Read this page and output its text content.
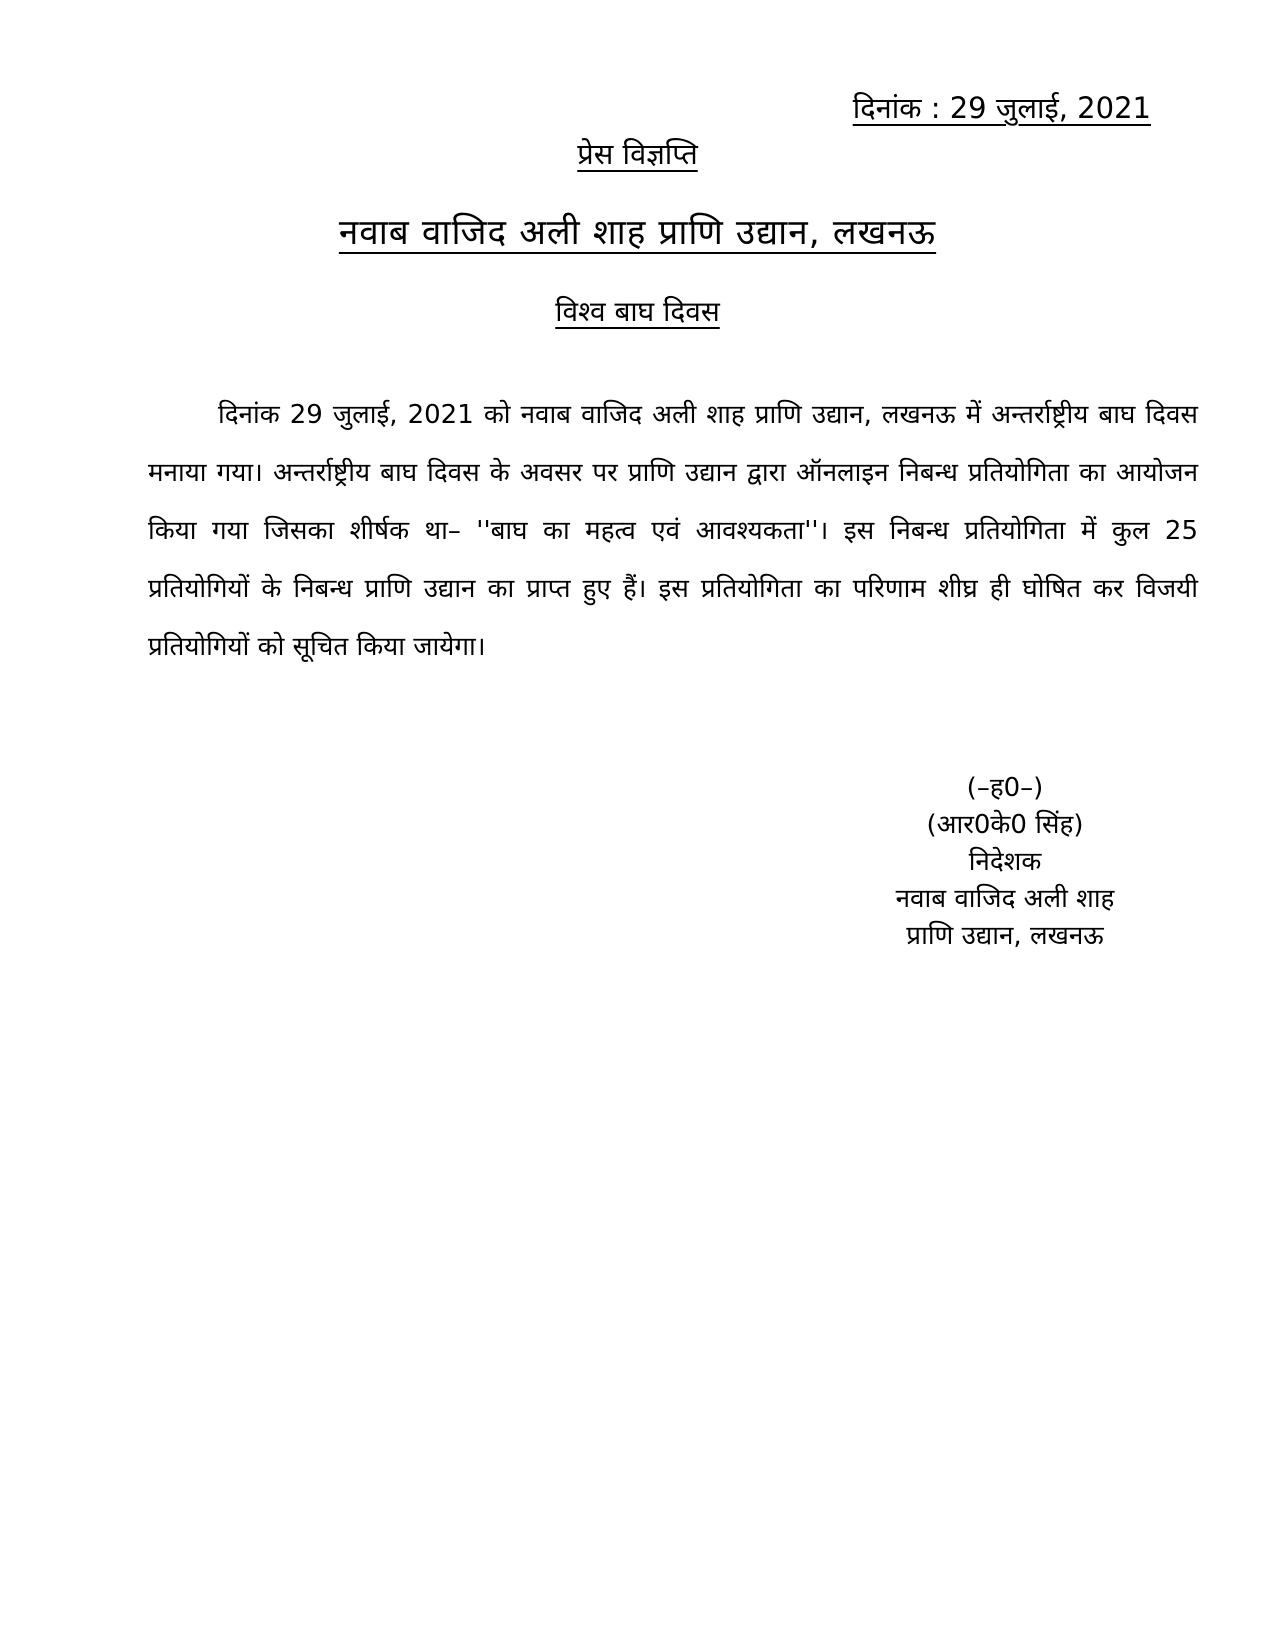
दिनांक : 29 जुलाई, 2021
प्रेस विज्ञप्ति
नवाब वाजिद अली शाह प्राणि उद्यान, लखनऊ
विश्व बाघ दिवस

दिनांक 29 जुलाई, 2021 को नवाब वाजिद अली शाह प्राणि उद्यान, लखनऊ में अन्तर्राष्ट्रीय बाघ दिवस मनाया गया। अन्तर्राष्ट्रीय बाघ दिवस के अवसर पर प्राणि उद्यान द्वारा ऑनलाइन निबन्ध प्रतियोगिता का आयोजन किया गया जिसका शीर्षक था– ''बाघ का महत्व एवं आवश्यकता''। इस निबन्ध प्रतियोगिता में कुल 25 प्रतियोगियों के निबन्ध प्राणि उद्यान का प्राप्त हुए हैं। इस प्रतियोगिता का परिणाम शीघ्र ही घोषित कर विजयी प्रतियोगियों को सूचित किया जायेगा।

(–ह0–)
(आर0के0 सिंह)
निदेशक
नवाब वाजिद अली शाह
प्राणि उद्यान, लखनऊ
